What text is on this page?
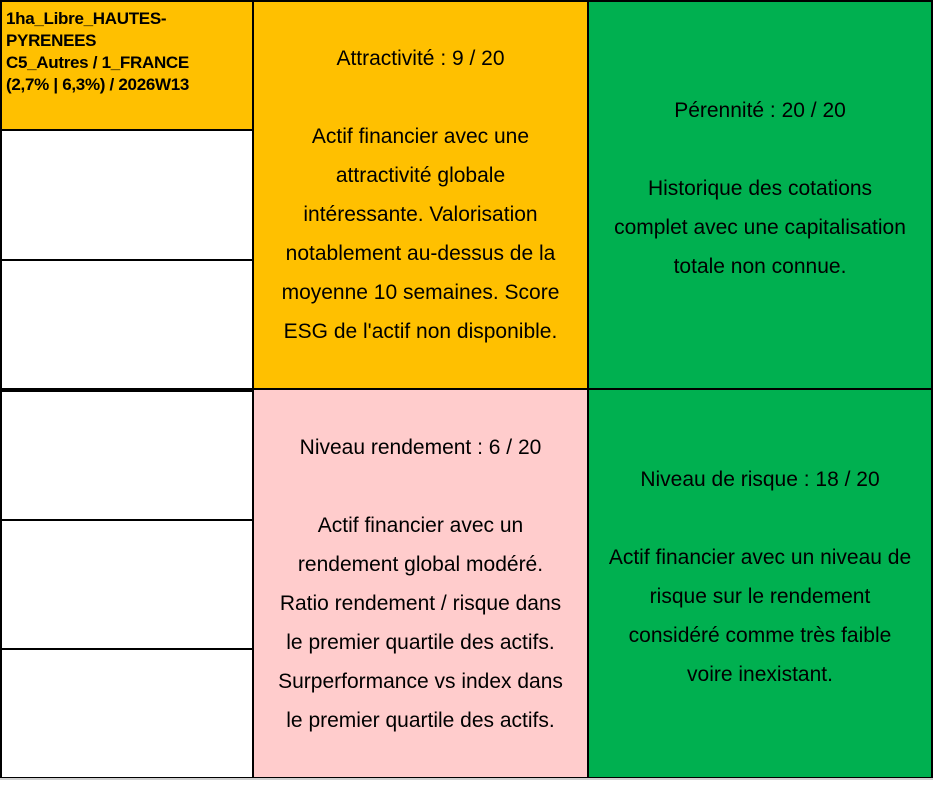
1ha_Libre_HAUTES-
PYRENEES
C5_Autres / 1_FRANCE
(2,7% | 6,3%) / 2026W13
Attractivité : 9 / 20
Actif financier avec une
attractivité globale
intéressante. Valorisation
notablement au-dessus de la
moyenne 10 semaines. Score
ESG de l'actif non disponible.
Pérennité : 20 / 20
Historique des cotations
complet avec une capitalisation
totale non connue.
Niveau rendement : 6 / 20
Actif financier avec un
rendement global modéré.
Ratio rendement / risque dans
le premier quartile des actifs.
Surperformance vs index dans
le premier quartile des actifs.
Niveau de risque : 18 / 20
Actif financier avec un niveau de
risque sur le rendement
considéré comme très faible
voire inexistant.
